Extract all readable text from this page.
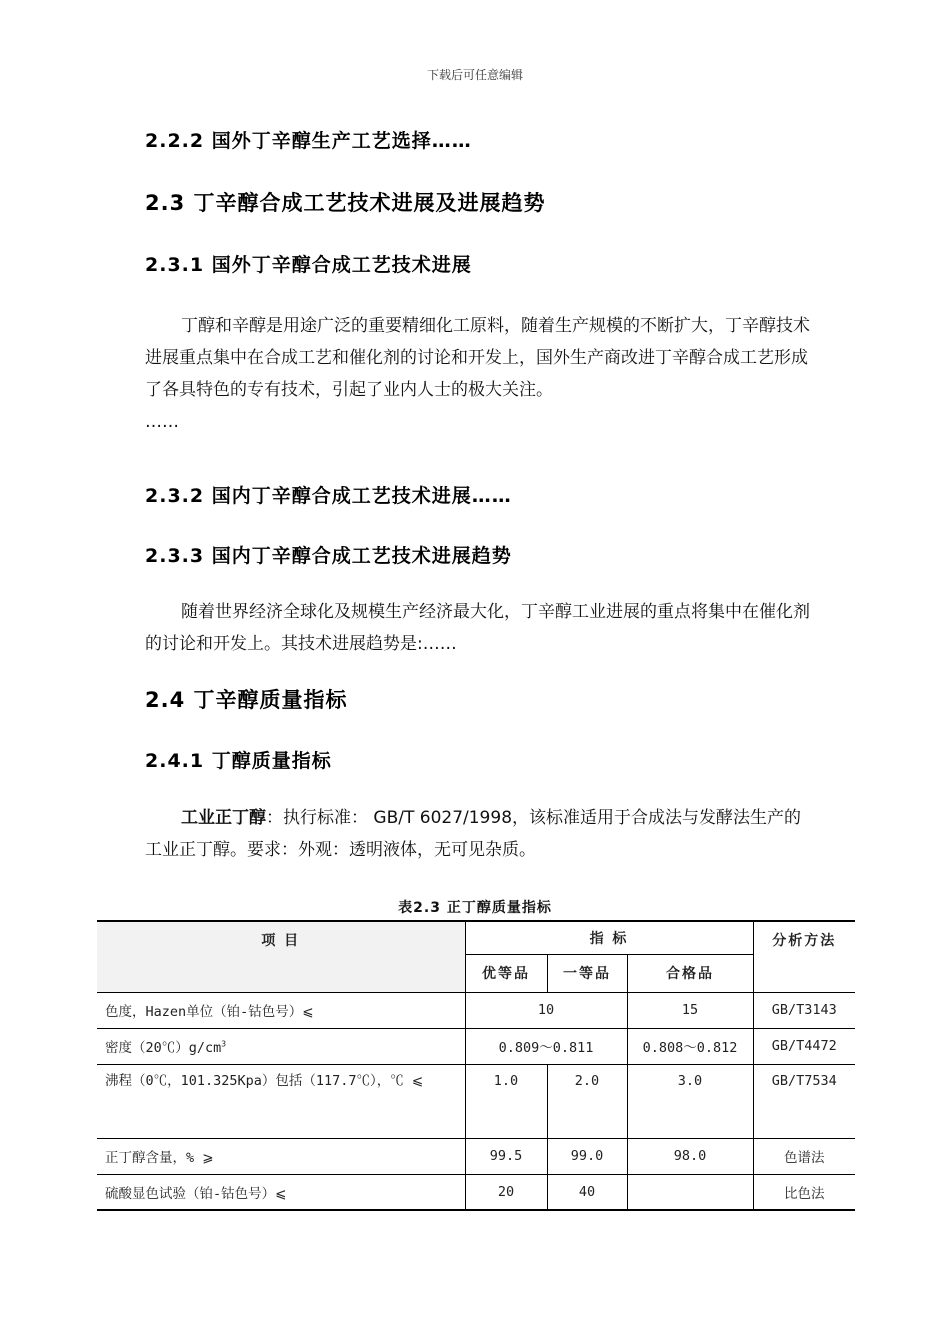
下载后可任意编辑
2.2.2 国外丁辛醇生产工艺选择……
2.3 丁辛醇合成工艺技术进展及进展趋势
2.3.1 国外丁辛醇合成工艺技术进展

丁醇和辛醇是用途广泛的重要精细化工原料，随着生产规模的不断扩大，丁辛醇技术进展重点集中在合成工艺和催化剂的讨论和开发上，国外生产商改进丁辛醇合成工艺形成了各具特色的专有技术，引起了业内人士的极大关注。

……

2.3.2 国内丁辛醇合成工艺技术进展……
2.3.3 国内丁辛醇合成工艺技术进展趋势

随着世界经济全球化及规模生产经济最大化，丁辛醇工业进展的重点将集中在催化剂的讨论和开发上。其技术进展趋势是:……

2.4 丁辛醇质量指标
2.4.1 丁醇质量指标

工业正丁醇：执行标准： GB/T 6027/1998，该标准适用于合成法与发酵法生产的工业正丁醇。要求：外观：透明液体，无可见杂质。

表2.3 正丁醇质量指标
项 目	指 标			分析方法
	优等品	一等品	合格品	
色度，Hazen单位（铂-钴色号）⩽	10		15	GB/T3143
密度$(20℃)g/cm^3$	0.809～0.811		0.808～0.812	GB/T4472
沸程（0℃，101.325Kpa）包括（117.7℃），℃ ⩽	1.0	2.0	3.0	GB/T7534
正丁醇含量，% ⩾	99.5	99.0	98.0	色谱法
硫酸显色试验（铂-钴色号）⩽	20	40		比色法
